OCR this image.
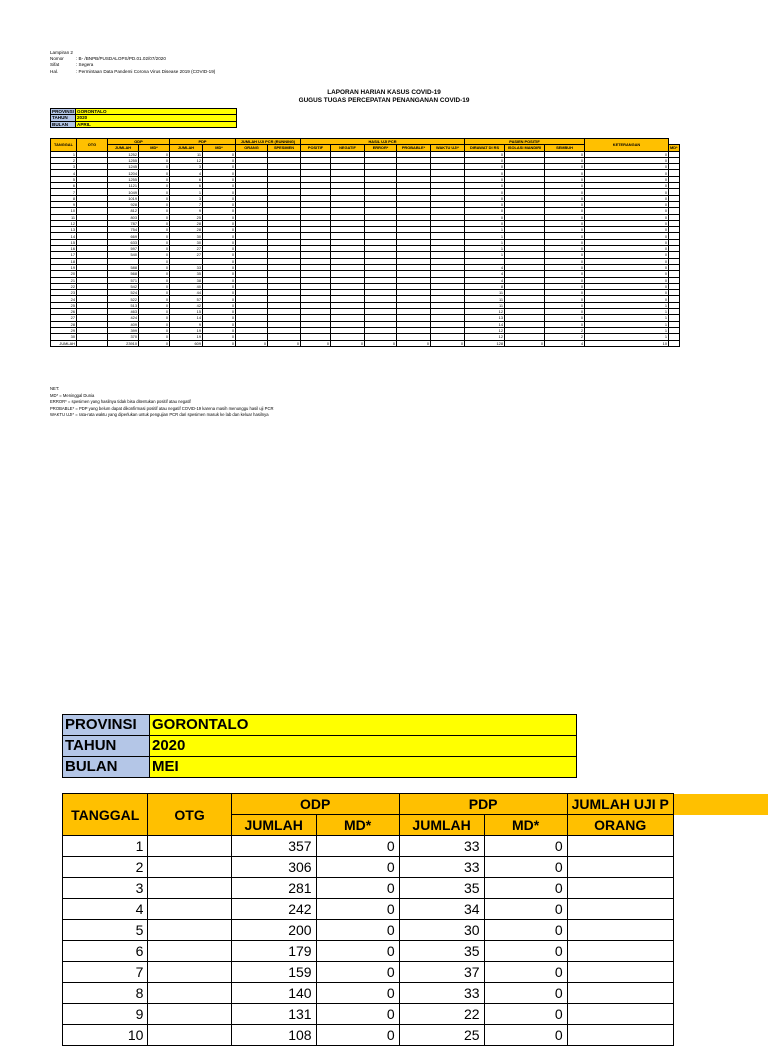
Lampiran 2
Nomor	: B- /BNPB/PUSDALOPS/PD.01.02/07/2020
Sifat	: Segera
Hal.	: Permintaan Data Pandemi Corona Virus Disease 2019 (COVID-19)
LAPORAN HARIAN KASUS COVID-19
GUGUS TUGAS PERCEPATAN PENANGANAN COVID-19
PROVINSI	GORONTALO
TAHUN	2020
BULAN	APRIL
TANGGAL	OTG	ODP		PDP		JUMLAH UJI PCR (RUNNING)		HASIL UJI PCR					PASIEN POSITIF			KETERANGAN	
		JUMLAH	MD*	JUMLAH	MD*	ORANG	SPESIMEN	POSITIF	NEGATIF	ERROR*	PROBABLE*	WAKTU UJI*	DIRAWAT DI RS	ISOLASI MANDIRI	SEMBUH		MD*
1		1252	0	11	0								0		0	0	
2		1255	0	12	0								0		0	0	
3		1245	0	3	0								0		0	0	
4		1204	0	4	0								0		0	0	
5		1255	0	6	0								0		0	0	
6		1121	0	6	0								0		0	0	
7		1049	0	1	0								0		0	0	
8		1019	0	3	0								0		0	0	
9		928	0	7	0								0		0	0	
10		812	0	9	0								0		0	0	
11		803	0	25	0								0		0	0	
12		787	0	28	0								0		0	0	
13		754	0	28	0								1		0	0	
14		669	0	30	0								1		0	0	
15		633	0	30	0								1		0	0	
16		597	0	27	0								1		0	0	
17		540	0	27	0								1		0	0	
18			0		0										0	0	
19		588	0	33	0								4		0	0	
20		568	0	35	0								4		0	0	
21		571	0	38	0								4		0	0	
22		542	0	40	0								8		0	0	
23		524	0	44	0								11		0	0	
24		522	0	57	0								11		0	0	
25		513	0	42	0								11		0	1	
26		463	0	15	0								12		0	1	
27		424	0	14	0								13		0	1	
28		409	0	9	0								14		0	1	
29		399	0	19	0								12		2	1	
30		370	0	19	0								12		2	1	
JUMLAH		23910	0	609	0	0	0	0	0	0	0	0	128	0	4	10	
NET:
MD* = Meninggal Dunia
ERROR* = spesimen yang hasilnya tidak bisa ditentukan positif atau negatif
PROBABLE* = PDP yang belum dapat dikonfirmasi positif atau negatif COVID-19 karena masih menunggu hasil uji PCR
WAKTU UJI* = rata-rata waktu yang diperlukan untuk pengujian PCR dari spesimen masuk ke lab dan keluar hasilnya
PROVINSI	GORONTALO
TAHUN	2020
BULAN	MEI
TANGGAL	OTG	ODP		PDP		JUMLAH UJI P	
		JUMLAH	MD*	JUMLAH	MD*	ORANG	
1		357	0	33	0		
2		306	0	33	0		
3		281	0	35	0		
4		242	0	34	0		
5		200	0	30	0		
6		179	0	35	0		
7		159	0	37	0		
8		140	0	33	0		
9		131	0	22	0		
10		108	0	25	0		
